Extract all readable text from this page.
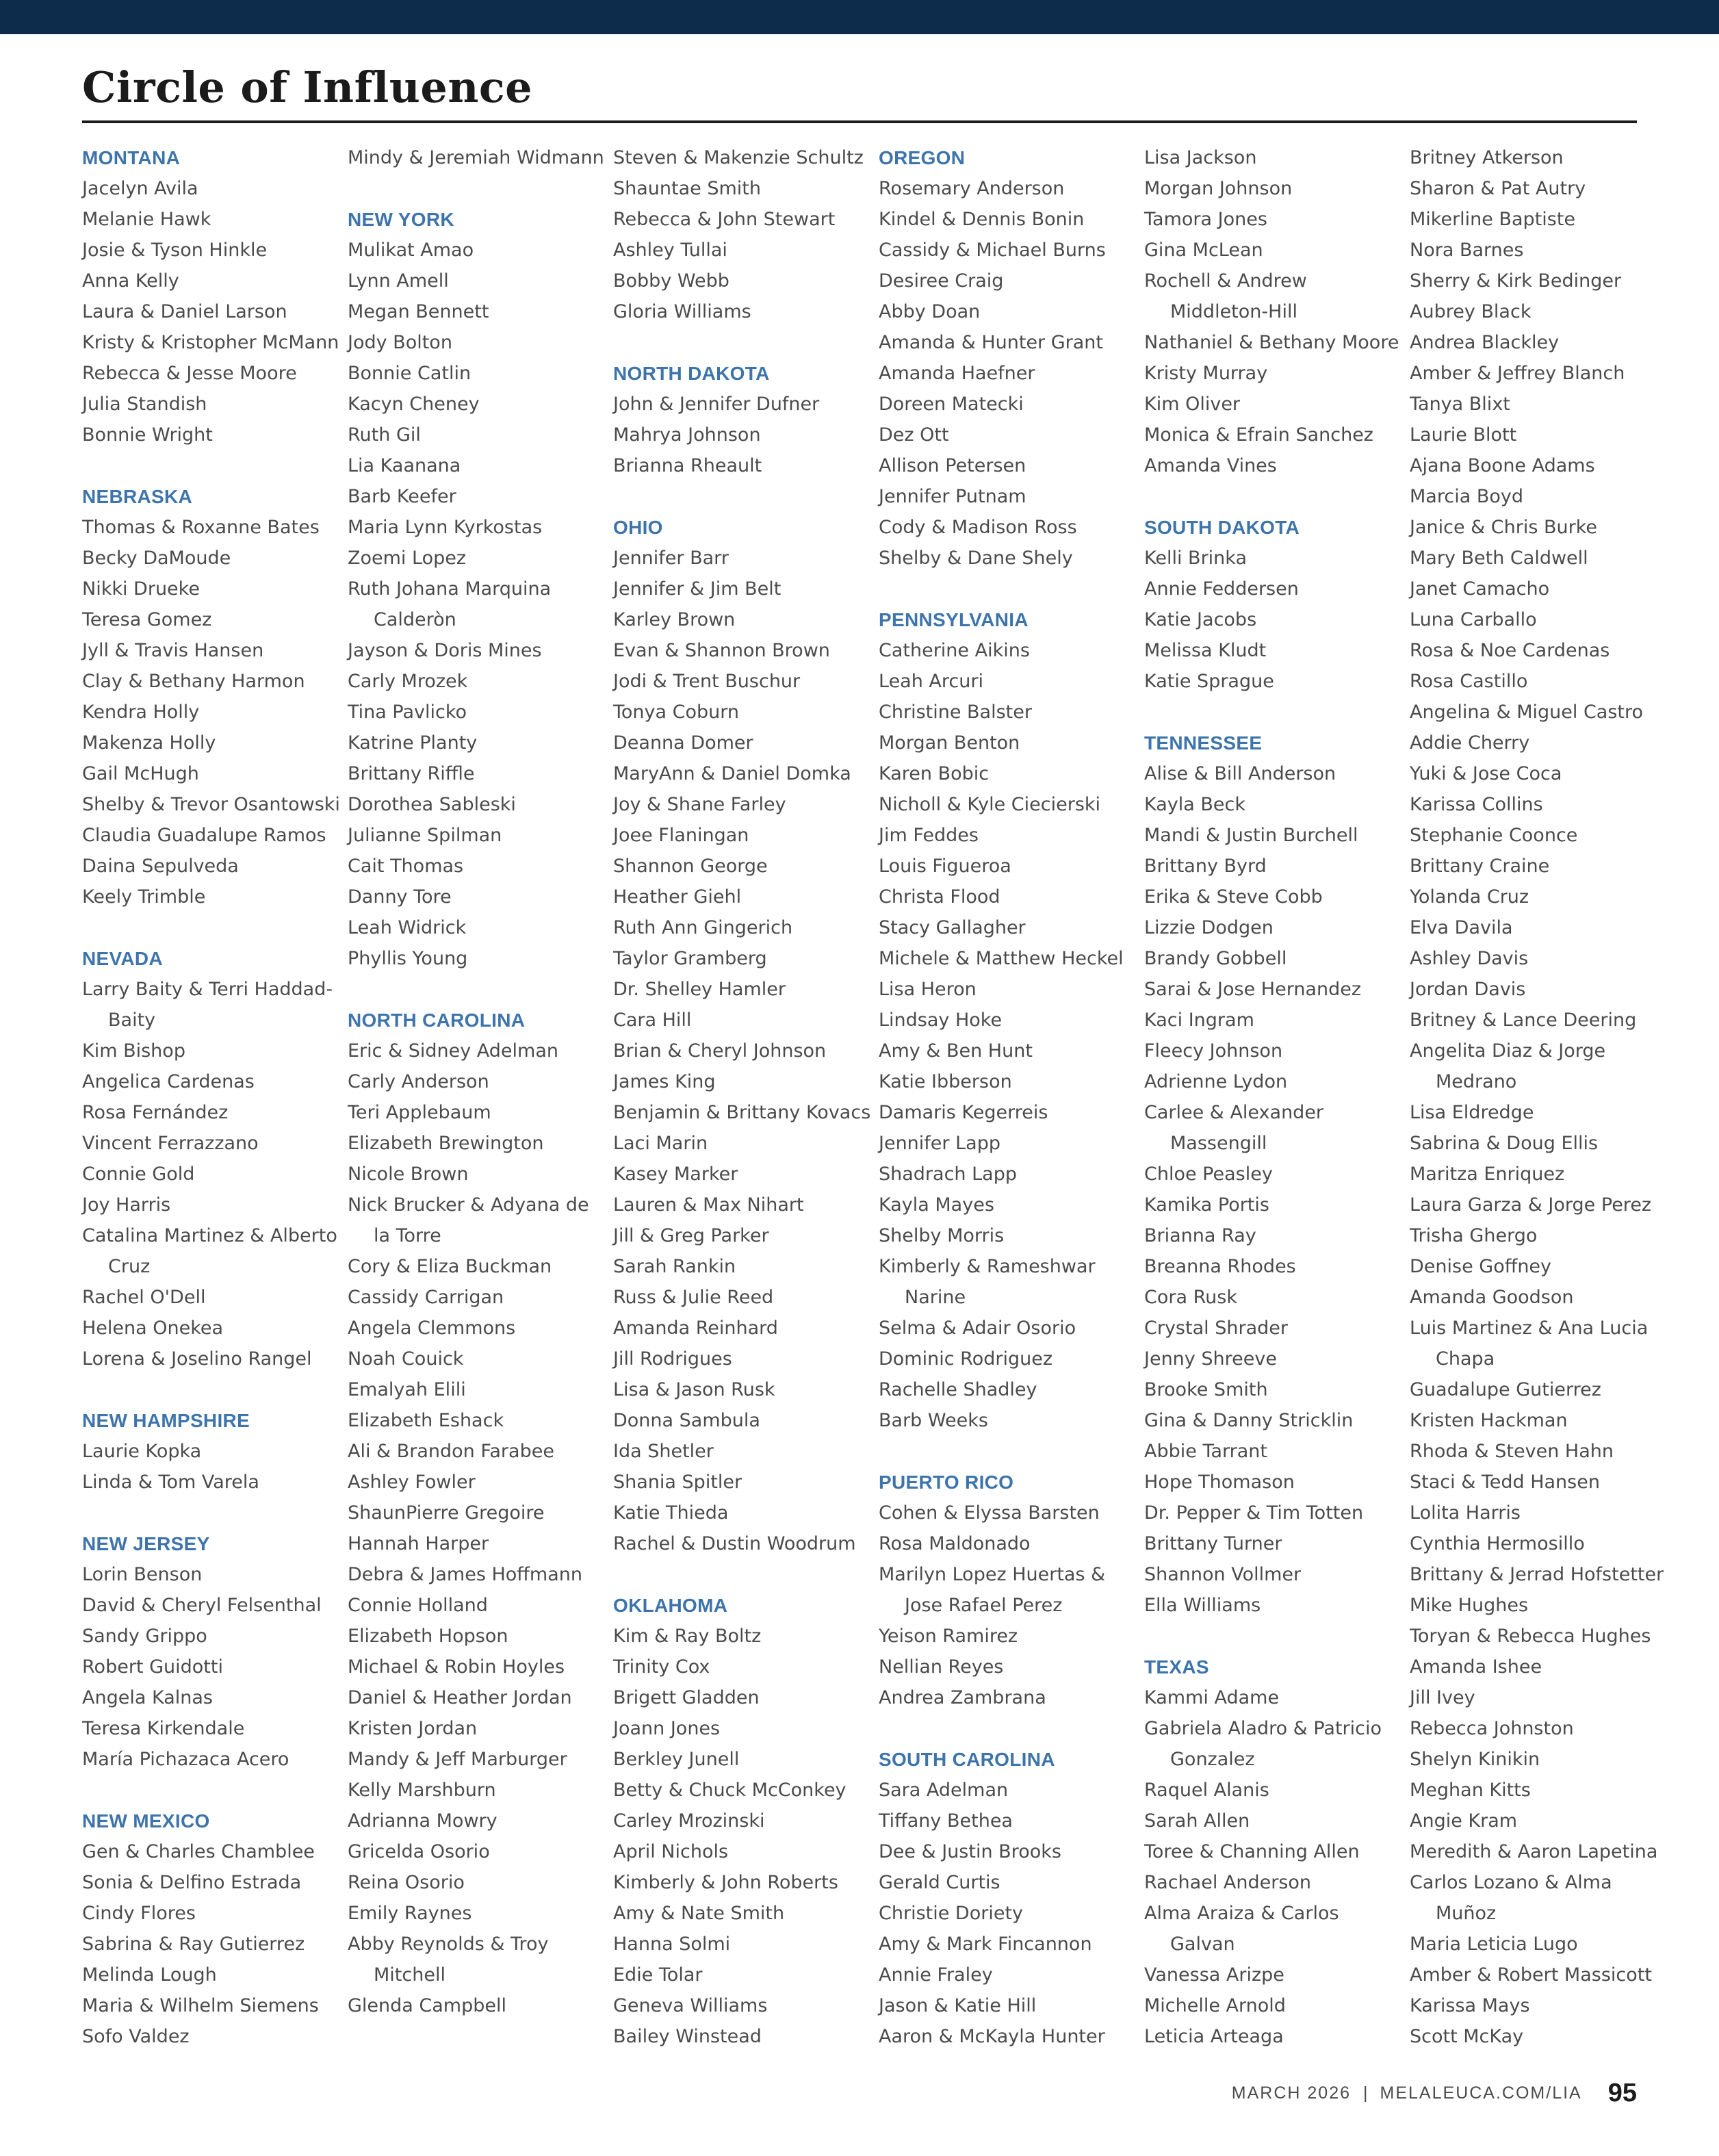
Circle of Influence
MONTANA
Jacelyn Avila
Melanie Hawk
Josie & Tyson Hinkle
Anna Kelly
Laura & Daniel Larson
Kristy & Kristopher McMann
Rebecca & Jesse Moore
Julia Standish
Bonnie Wright
NEBRASKA
Thomas & Roxanne Bates
Becky DaMoude
Nikki Drueke
Teresa Gomez
Jyll & Travis Hansen
Clay & Bethany Harmon
Kendra Holly
Makenza Holly
Gail McHugh
Shelby & Trevor Osantowski
Claudia Guadalupe Ramos
Daina Sepulveda
Keely Trimble
NEVADA
Larry Baity & Terri Haddad-Baity
Kim Bishop
Angelica Cardenas
Rosa Fernández
Vincent Ferrazzano
Connie Gold
Joy Harris
Catalina Martinez & Alberto Cruz
Rachel O'Dell
Helena Onekea
Lorena & Joselino Rangel
NEW HAMPSHIRE
Laurie Kopka
Linda & Tom Varela
NEW JERSEY
Lorin Benson
David & Cheryl Felsenthal
Sandy Grippo
Robert Guidotti
Angela Kalnas
Teresa Kirkendale
María Pichazaca Acero
NEW MEXICO
Gen & Charles Chamblee
Sonia & Delfino Estrada
Cindy Flores
Sabrina & Ray Gutierrez
Melinda Lough
Maria & Wilhelm Siemens
Sofo Valdez
Mindy & Jeremiah Widmann
NEW YORK
Mulikat Amao
Lynn Amell
Megan Bennett
Jody Bolton
Bonnie Catlin
Kacyn Cheney
Ruth Gil
Lia Kaanana
Barb Keefer
Maria Lynn Kyrkostas
Zoemi Lopez
Ruth Johana Marquina Calderòn
Jayson & Doris Mines
Carly Mrozek
Tina Pavlicko
Katrine Planty
Brittany Riffle
Dorothea Sableski
Julianne Spilman
Cait Thomas
Danny Tore
Leah Widrick
Phyllis Young
NORTH CAROLINA
Eric & Sidney Adelman
Carly Anderson
Teri Applebaum
Elizabeth Brewington
Nicole Brown
Nick Brucker & Adyana de la Torre
Cory & Eliza Buckman
Cassidy Carrigan
Angela Clemmons
Noah Couick
Emalyah Elili
Elizabeth Eshack
Ali & Brandon Farabee
Ashley Fowler
ShaunPierre Gregoire
Hannah Harper
Debra & James Hoffmann
Connie Holland
Elizabeth Hopson
Michael & Robin Hoyles
Daniel & Heather Jordan
Kristen Jordan
Mandy & Jeff Marburger
Kelly Marshburn
Adrianna Mowry
Gricelda Osorio
Reina Osorio
Emily Raynes
Abby Reynolds & Troy Mitchell
Glenda Campbell
Steven & Makenzie Schultz
Shauntae Smith
Rebecca & John Stewart
Ashley Tullai
Bobby Webb
Gloria Williams
NORTH DAKOTA
John & Jennifer Dufner
Mahrya Johnson
Brianna Rheault
OHIO
Jennifer Barr
Jennifer & Jim Belt
Karley Brown
Evan & Shannon Brown
Jodi & Trent Buschur
Tonya Coburn
Deanna Domer
MaryAnn & Daniel Domka
Joy & Shane Farley
Joee Flaningan
Shannon George
Heather Giehl
Ruth Ann Gingerich
Taylor Gramberg
Dr. Shelley Hamler
Cara Hill
Brian & Cheryl Johnson
James King
Benjamin & Brittany Kovacs
Laci Marin
Kasey Marker
Lauren & Max Nihart
Jill & Greg Parker
Sarah Rankin
Russ & Julie Reed
Amanda Reinhard
Jill Rodrigues
Lisa & Jason Rusk
Donna Sambula
Ida Shetler
Shania Spitler
Katie Thieda
Rachel & Dustin Woodrum
OKLAHOMA
Kim & Ray Boltz
Trinity Cox
Brigett Gladden
Joann Jones
Berkley Junell
Betty & Chuck McConkey
Carley Mrozinski
April Nichols
Kimberly & John Roberts
Amy & Nate Smith
Hanna Solmi
Edie Tolar
Geneva Williams
Bailey Winstead
OREGON
Rosemary Anderson
Kindel & Dennis Bonin
Cassidy & Michael Burns
Desiree Craig
Abby Doan
Amanda & Hunter Grant
Amanda Haefner
Doreen Matecki
Dez Ott
Allison Petersen
Jennifer Putnam
Cody & Madison Ross
Shelby & Dane Shely
PENNSYLVANIA
Catherine Aikins
Leah Arcuri
Christine Balster
Morgan Benton
Karen Bobic
Nicholl & Kyle Ciecierski
Jim Feddes
Louis Figueroa
Christa Flood
Stacy Gallagher
Michele & Matthew Heckel
Lisa Heron
Lindsay Hoke
Amy & Ben Hunt
Katie Ibberson
Damaris Kegerreis
Jennifer Lapp
Shadrach Lapp
Kayla Mayes
Shelby Morris
Kimberly & Rameshwar Narine
Selma & Adair Osorio
Dominic Rodriguez
Rachelle Shadley
Barb Weeks
PUERTO RICO
Cohen & Elyssa Barsten
Rosa Maldonado
Marilyn Lopez Huertas & Jose Rafael Perez
Yeison Ramirez
Nellian Reyes
Andrea Zambrana
SOUTH CAROLINA
Sara Adelman
Tiffany Bethea
Dee & Justin Brooks
Gerald Curtis
Christie Doriety
Amy & Mark Fincannon
Annie Fraley
Jason & Katie Hill
Aaron & McKayla Hunter
Lisa Jackson
Morgan Johnson
Tamora Jones
Gina McLean
Rochell & Andrew Middleton-Hill
Nathaniel & Bethany Moore
Kristy Murray
Kim Oliver
Monica & Efrain Sanchez
Amanda Vines
SOUTH DAKOTA
Kelli Brinka
Annie Feddersen
Katie Jacobs
Melissa Kludt
Katie Sprague
TENNESSEE
Alise & Bill Anderson
Kayla Beck
Mandi & Justin Burchell
Brittany Byrd
Erika & Steve Cobb
Lizzie Dodgen
Brandy Gobbell
Sarai & Jose Hernandez
Kaci Ingram
Fleecy Johnson
Adrienne Lydon
Carlee & Alexander Massengill
Chloe Peasley
Kamika Portis
Brianna Ray
Breanna Rhodes
Cora Rusk
Crystal Shrader
Jenny Shreeve
Brooke Smith
Gina & Danny Stricklin
Abbie Tarrant
Hope Thomason
Dr. Pepper & Tim Totten
Brittany Turner
Shannon Vollmer
Ella Williams
TEXAS
Kammi Adame
Gabriela Aladro & Patricio Gonzalez
Raquel Alanis
Sarah Allen
Toree & Channing Allen
Rachael Anderson
Alma Araiza & Carlos Galvan
Vanessa Arizpe
Michelle Arnold
Leticia Arteaga
Britney Atkerson
Sharon & Pat Autry
Mikerline Baptiste
Nora Barnes
Sherry & Kirk Bedinger
Aubrey Black
Andrea Blackley
Amber & Jeffrey Blanch
Tanya Blixt
Laurie Blott
Ajana Boone Adams
Marcia Boyd
Janice & Chris Burke
Mary Beth Caldwell
Janet Camacho
Luna Carballo
Rosa & Noe Cardenas
Rosa Castillo
Angelina & Miguel Castro
Addie Cherry
Yuki & Jose Coca
Karissa Collins
Stephanie Coonce
Brittany Craine
Yolanda Cruz
Elva Davila
Ashley Davis
Jordan Davis
Britney & Lance Deering
Angelita Diaz & Jorge Medrano
Lisa Eldredge
Sabrina & Doug Ellis
Maritza Enriquez
Laura Garza & Jorge Perez
Trisha Ghergo
Denise Goffney
Amanda Goodson
Luis Martinez & Ana Lucia Chapa
Guadalupe Gutierrez
Kristen Hackman
Rhoda & Steven Hahn
Staci & Tedd Hansen
Lolita Harris
Cynthia Hermosillo
Brittany & Jerrad Hofstetter
Mike Hughes
Toryan & Rebecca Hughes
Amanda Ishee
Jill Ivey
Rebecca Johnston
Shelyn Kinikin
Meghan Kitts
Angie Kram
Meredith & Aaron Lapetina
Carlos Lozano & Alma Muñoz
Maria Leticia Lugo
Amber & Robert Massicott
Karissa Mays
Scott McKay
MARCH 2026 | MELALEUCA.COM/LIA 95
